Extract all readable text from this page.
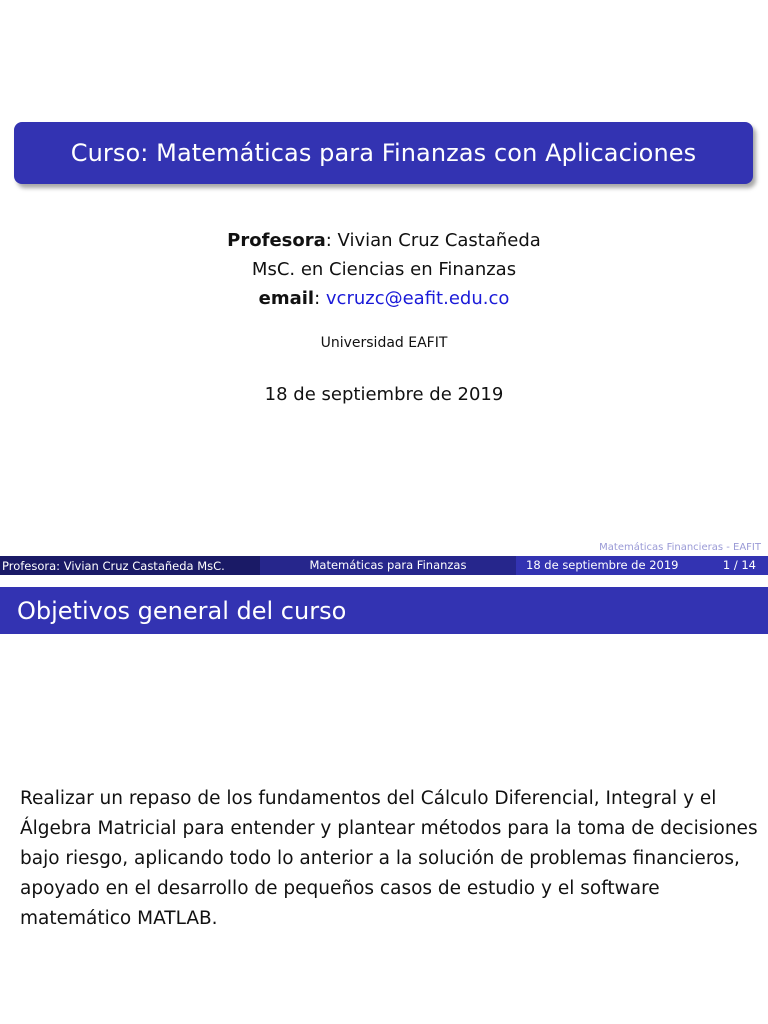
Curso: Matemáticas para Finanzas con Aplicaciones
Profesora: Vivian Cruz Castañeda
MsC. en Ciencias en Finanzas
email: vcruzc@eafit.edu.co
Universidad EAFIT
18 de septiembre de 2019
Matemáticas Financieras - EAFIT
Profesora: Vivian Cruz Castañeda MsC.	Matemáticas para Finanzas	18 de septiembre de 2019	1 / 14
Objetivos general del curso
Realizar un repaso de los fundamentos del Cálculo Diferencial, Integral y el Álgebra Matricial para entender y plantear métodos para la toma de decisiones bajo riesgo, aplicando todo lo anterior a la solución de problemas financieros, apoyado en el desarrollo de pequeños casos de estudio y el software matemático MATLAB.
